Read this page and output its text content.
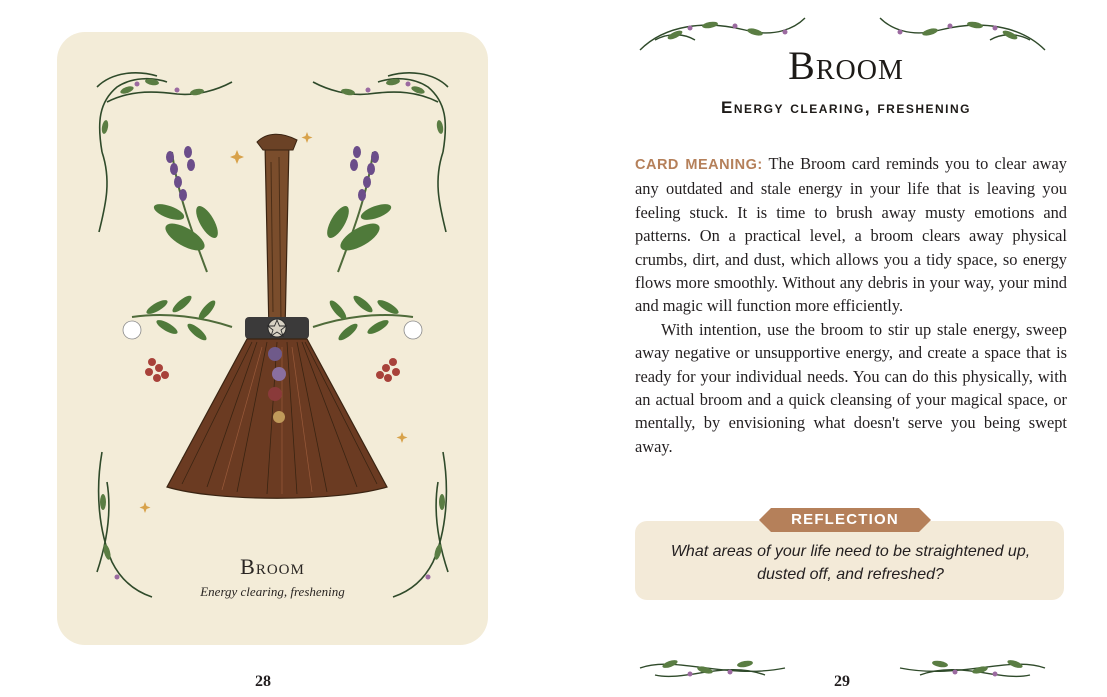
Broom
Energy clearing, freshening
28
Broom
Energy clearing, freshening

CARD MEANING: The Broom card reminds you to clear away any outdated and stale energy in your life that is leaving you feeling stuck. It is time to brush away musty emotions and patterns. On a practical level, a broom clears away physical crumbs, dirt, and dust, which allows you a tidy space, so energy flows more smoothly. Without any debris in your way, your mind and magic will function more efficiently.

With intention, use the broom to stir up stale energy, sweep away negative or unsupportive energy, and create a space that is ready for your individual needs. You can do this physically, with an actual broom and a quick cleansing of your magical space, or mentally, by envisioning what doesn't serve you being swept away.

REFLECTION
What areas of your life need to be straightened up, dusted off, and refreshed?
29
